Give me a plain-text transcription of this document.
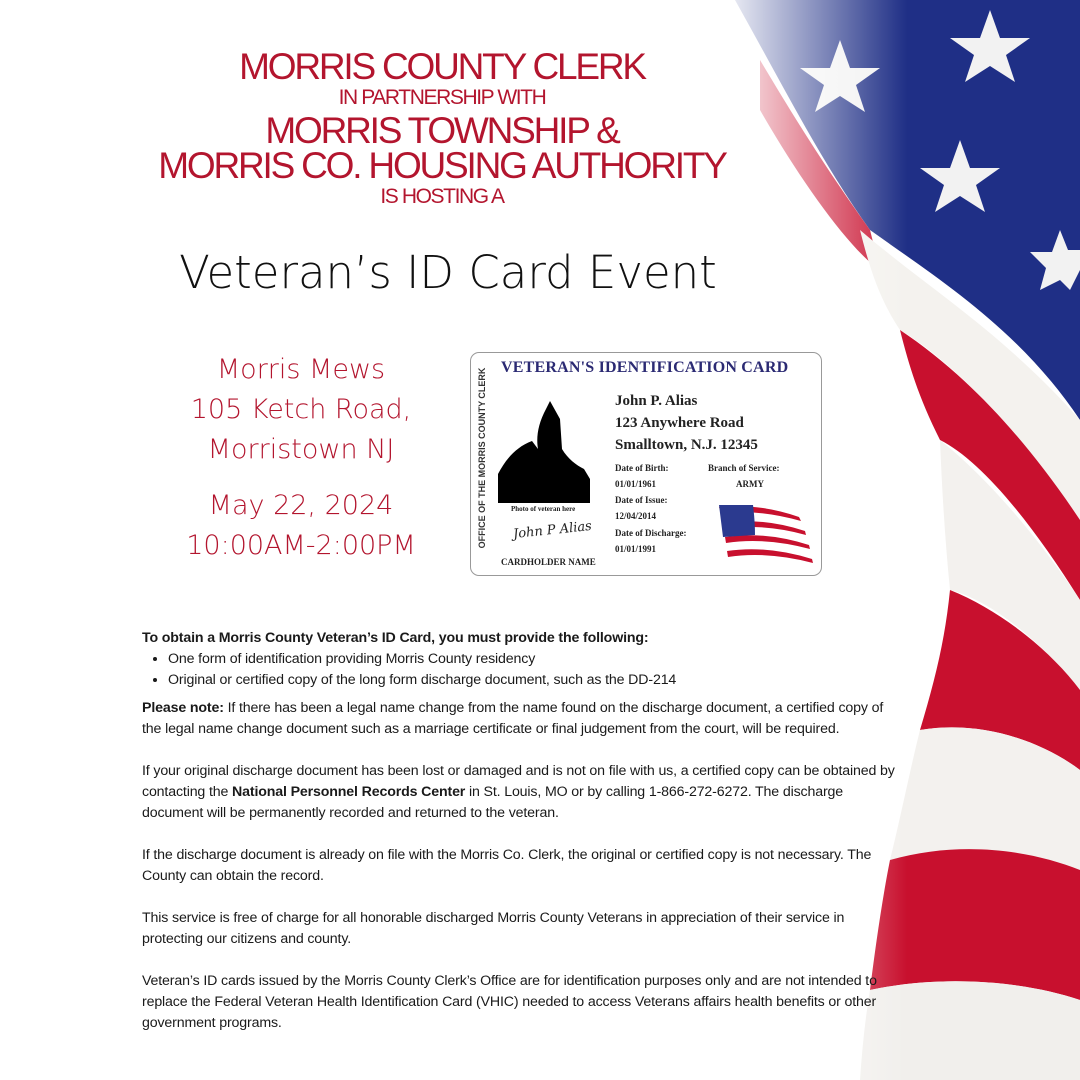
MORRIS COUNTY CLERK
IN PARTNERSHIP WITH
MORRIS TOWNSHIP &
MORRIS CO. HOUSING AUTHORITY
IS HOSTING A
Veteran’s ID Card Event
Morris Mews
105 Ketch Road,
Morristown NJ
May 22, 2024
10:00AM-2:00PM
VETERAN'S IDENTIFICATION CARD
OFFICE OF THE MORRIS COUNTY CLERK	Photo of veteran here
John P Alias
CARDHOLDER NAME
John P. Alias
123 Anywhere Road
Smalltown, N.J. 12345
Date of Birth:
01/01/1961
Branch of Service:
ARMY
Date of Issue:
12/04/2014
Date of Discharge:
01/01/1991
To obtain a Morris County Veteran’s ID Card, you must provide the following:
• One form of identification providing Morris County residency
• Original or certified copy of the long form discharge document, such as the DD-214

Please note: If there has been a legal name change from the name found on the discharge document, a certified copy of the legal name change document such as a marriage certificate or final judgement from the court, will be required.

If your original discharge document has been lost or damaged and is not on file with us, a certified copy can be obtained by contacting the National Personnel Records Center in St. Louis, MO or by calling 1-866-272-6272. The discharge document will be permanently recorded and returned to the veteran.

If the discharge document is already on file with the Morris Co. Clerk, the original or certified copy is not necessary. The County can obtain the record.

This service is free of charge for all honorable discharged Morris County Veterans in appreciation of their service in protecting our citizens and county.

Veteran’s ID cards issued by the Morris County Clerk’s Office are for identification purposes only and are not intended to replace the Federal Veteran Health Identification Card (VHIC) needed to access Veterans affairs health benefits or other government programs.
